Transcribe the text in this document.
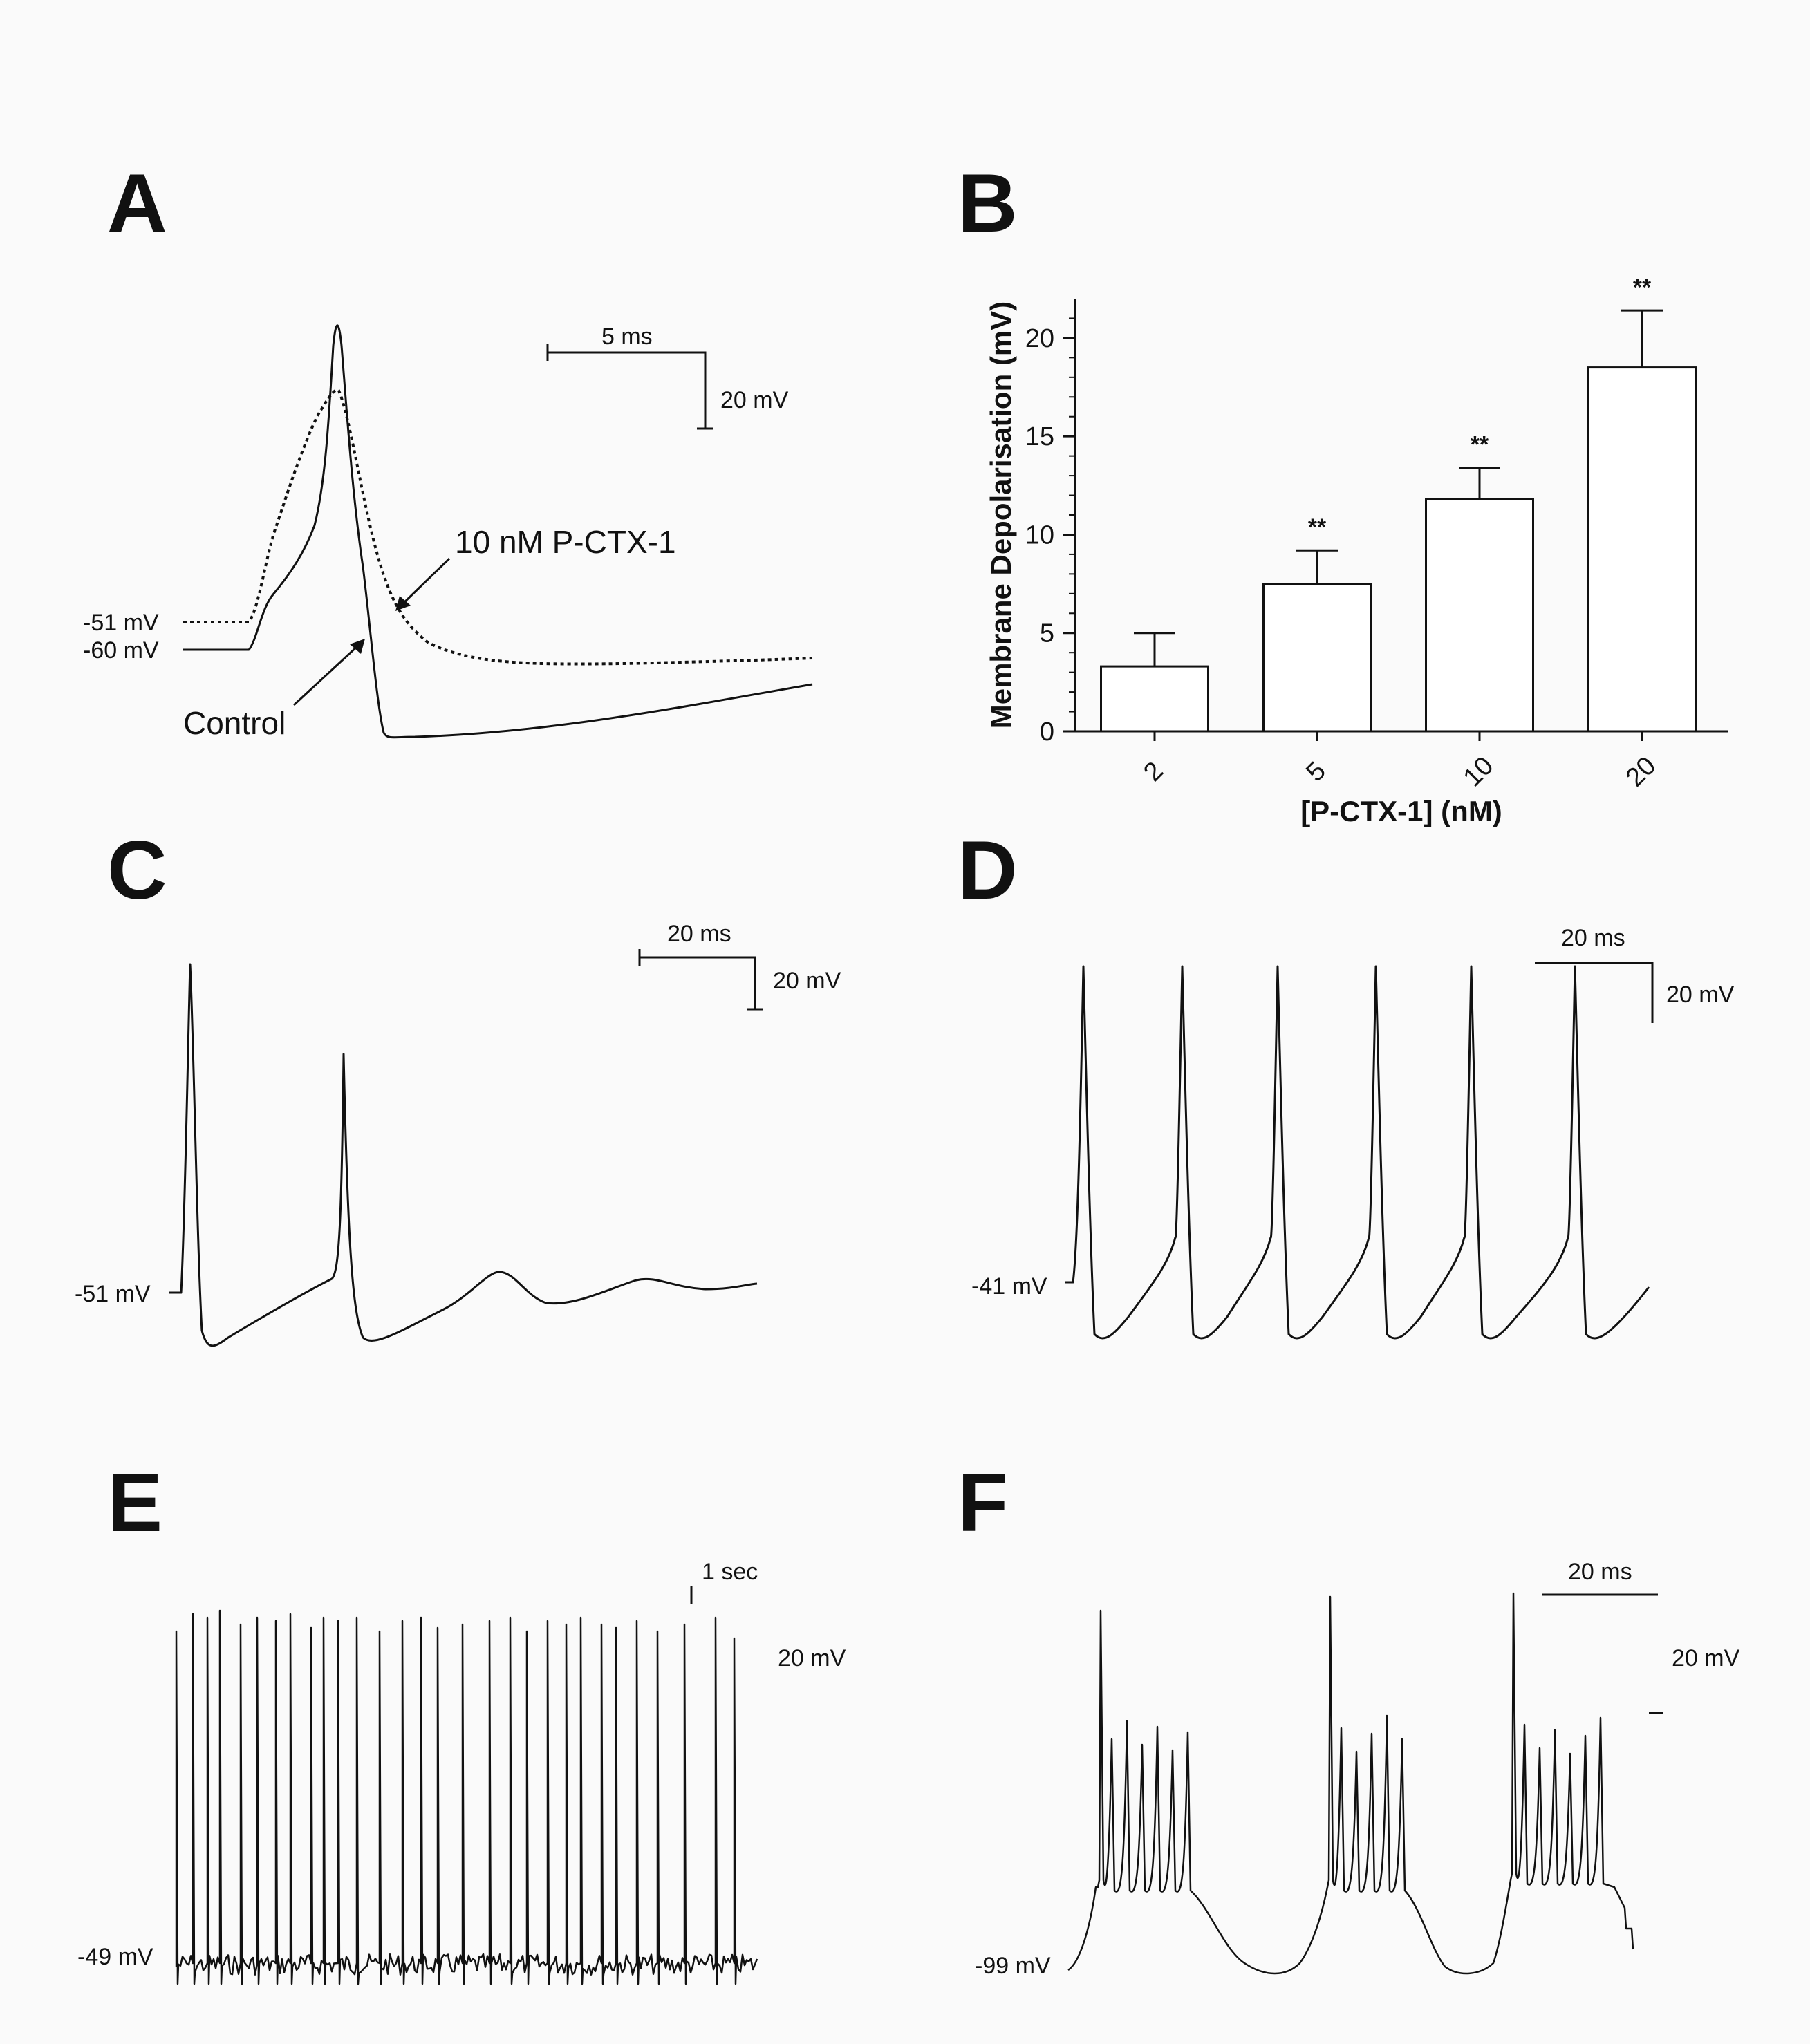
A
5 ms
20 mV
-51 mV
-60 mV
10 nM P-CTX-1
Control
B
Membrane Depolarisation (mV)
[P-CTX-1] (nM)
0
5
10
15
20
2
**
5
**
10
**
20
C
20 ms
20 mV
-51 mV
D
20 ms
20 mV
-41 mV
E
1 sec
20 mV
-49 mV
F
20 ms
20 mV
-99 mV
